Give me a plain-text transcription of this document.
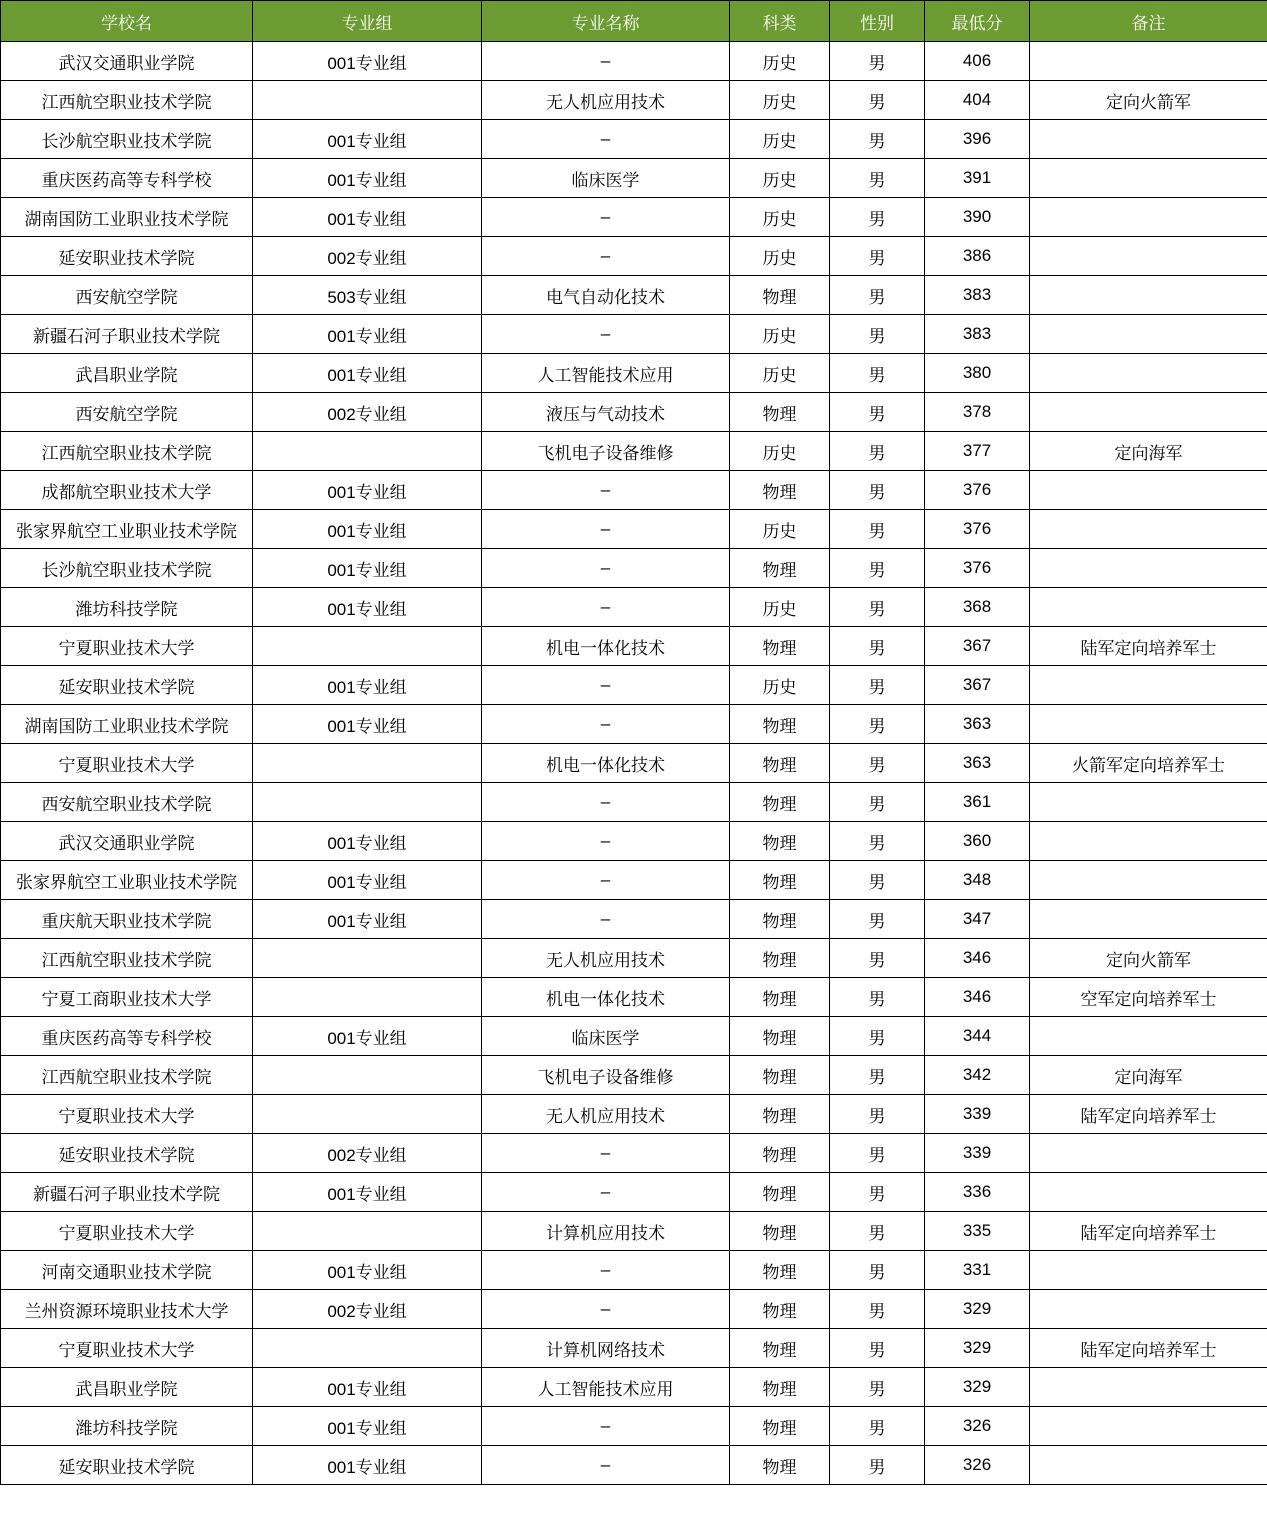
学校名	专业组	专业名称	科类	性别	最低分	备注
武汉交通职业学院	001专业组	–	历史	男	406	
江西航空职业技术学院		无人机应用技术	历史	男	404	定向火箭军
长沙航空职业技术学院	001专业组	–	历史	男	396	
重庆医药高等专科学校	001专业组	临床医学	历史	男	391	
湖南国防工业职业技术学院	001专业组	–	历史	男	390	
延安职业技术学院	002专业组	–	历史	男	386	
西安航空学院	503专业组	电气自动化技术	物理	男	383	
新疆石河子职业技术学院	001专业组	–	历史	男	383	
武昌职业学院	001专业组	人工智能技术应用	历史	男	380	
西安航空学院	002专业组	液压与气动技术	物理	男	378	
江西航空职业技术学院		飞机电子设备维修	历史	男	377	定向海军
成都航空职业技术大学	001专业组	–	物理	男	376	
张家界航空工业职业技术学院	001专业组	–	历史	男	376	
长沙航空职业技术学院	001专业组	–	物理	男	376	
潍坊科技学院	001专业组	–	历史	男	368	
宁夏职业技术大学		机电一体化技术	物理	男	367	陆军定向培养军士
延安职业技术学院	001专业组	–	历史	男	367	
湖南国防工业职业技术学院	001专业组	–	物理	男	363	
宁夏职业技术大学		机电一体化技术	物理	男	363	火箭军定向培养军士
西安航空职业技术学院		–	物理	男	361	
武汉交通职业学院	001专业组	–	物理	男	360	
张家界航空工业职业技术学院	001专业组	–	物理	男	348	
重庆航天职业技术学院	001专业组	–	物理	男	347	
江西航空职业技术学院		无人机应用技术	物理	男	346	定向火箭军
宁夏工商职业技术大学		机电一体化技术	物理	男	346	空军定向培养军士
重庆医药高等专科学校	001专业组	临床医学	物理	男	344	
江西航空职业技术学院		飞机电子设备维修	物理	男	342	定向海军
宁夏职业技术大学		无人机应用技术	物理	男	339	陆军定向培养军士
延安职业技术学院	002专业组	–	物理	男	339	
新疆石河子职业技术学院	001专业组	–	物理	男	336	
宁夏职业技术大学		计算机应用技术	物理	男	335	陆军定向培养军士
河南交通职业技术学院	001专业组	–	物理	男	331	
兰州资源环境职业技术大学	002专业组	–	物理	男	329	
宁夏职业技术大学		计算机网络技术	物理	男	329	陆军定向培养军士
武昌职业学院	001专业组	人工智能技术应用	物理	男	329	
潍坊科技学院	001专业组	–	物理	男	326	
延安职业技术学院	001专业组	–	物理	男	326	
